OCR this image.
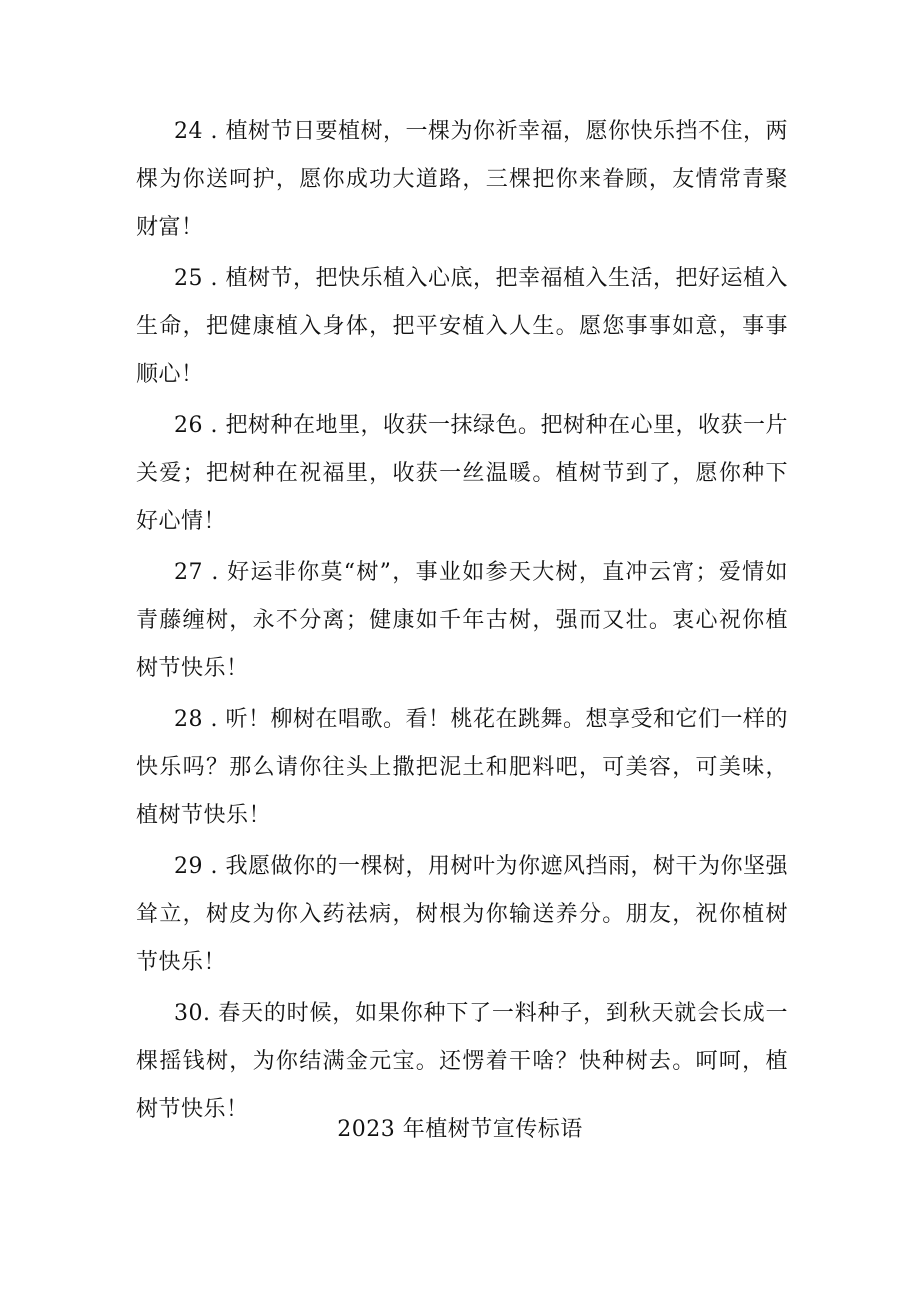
24 . 植树节日要植树，一棵为你祈幸福，愿你快乐挡不住，两棵为你送呵护，愿你成功大道路，三棵把你来眷顾，友情常青聚财富！

25 . 植树节，把快乐植入心底，把幸福植入生活，把好运植入生命，把健康植入身体，把平安植入人生。愿您事事如意，事事顺心！

26 . 把树种在地里，收获一抹绿色。把树种在心里，收获一片关爱；把树种在祝福里，收获一丝温暖。植树节到了，愿你种下好心情！

27 . 好运非你莫“树”，事业如参天大树，直冲云宵；爱情如青藤缠树，永不分离；健康如千年古树，强而又壮。衷心祝你植树节快乐！

28 . 听！柳树在唱歌。看！桃花在跳舞。想享受和它们一样的快乐吗？那么请你往头上撒把泥土和肥料吧，可美容，可美味，植树节快乐！

29 . 我愿做你的一棵树，用树叶为你遮风挡雨，树干为你坚强耸立，树皮为你入药祛病，树根为你输送养分。朋友，祝你植树节快乐！

30. 春天的时候，如果你种下了一料种子，到秋天就会长成一棵摇钱树，为你结满金元宝。还愣着干啥？快种树去。呵呵，植树节快乐！

2023 年植树节宣传标语
